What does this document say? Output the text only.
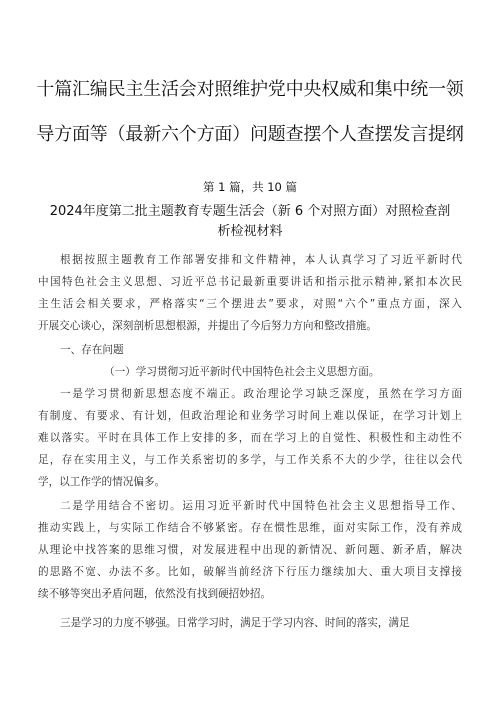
十篇汇编民主生活会对照维护党中央权威和集中统一领
导方面等（最新六个方面）问题查摆个人查摆发言提纲
第 1 篇，共 10 篇
2024年度第二批主题教育专题生活会（新 6 个对照方面）对照检查剖
析检视材料
根据按照主题教育工作部署安排和文件精神，本人认真学习了习近平新时代
中国特色社会主义思想、习近平总书记最新重要讲话和指示批示精神,紧扣本次民
主生活会相关要求，严格落实“三个摆进去”要求，对照“六个”重点方面，深入
开展交心谈心，深刻剖析思想根源，并提出了今后努力方向和整改措施。
一、存在问题
（一）学习贯彻习近平新时代中国特色社会主义思想方面。
一是学习贯彻新思想态度不端正。政治理论学习缺乏深度，虽然在学习方面
有制度、有要求、有计划，但政治理论和业务学习时间上难以保证，在学习计划上
难以落实。平时在具体工作上安排的多，而在学习上的自觉性、积极性和主动性不
足，存在实用主义，与工作关系密切的多学，与工作关系不大的少学，往往以会代
学，以工作学的情况偏多。
二是学用结合不密切。运用习近平新时代中国特色社会主义思想指导工作、
推动实践上，与实际工作结合不够紧密。存在惯性思维，面对实际工作，没有养成
从理论中找答案的思维习惯，对发展进程中出现的新情况、新问题、新矛盾，解决
的思路不宽、办法不多。比如，破解当前经济下行压力继续加大、重大项目支撑接
续不够等突出矛盾问题，依然没有找到硬招妙招。
三是学习的力度不够强。日常学习时，满足于学习内容、时间的落实，满足
